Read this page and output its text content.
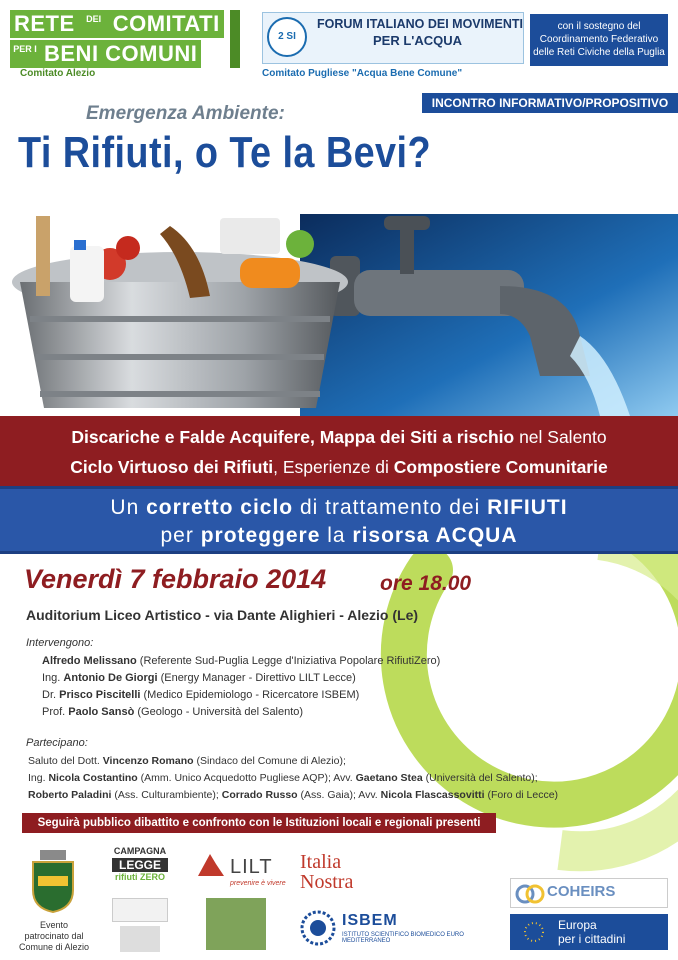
RETE	DEI COMITATI
PER I BENI COMUNI
Comitato Alezio
2 SI
FORUM ITALIANO DEI MOVIMENTI
PER L'ACQUA
Comitato Pugliese "Acqua Bene Comune"
con il sostegno del
Coordinamento Federativo
delle Reti Civiche della Puglia
INCONTRO INFORMATIVO/PROPOSITIVO
Emergenza Ambiente:
Ti Rifiuti, o Te la Bevi?
Discariche e Falde Acquifere, Mappa dei Siti a rischio nel Salento
Ciclo Virtuoso dei Rifiuti, Esperienze di Compostiere Comunitarie
Un corretto ciclo di trattamento dei RIFIUTI
per proteggere la risorsa ACQUA
Venerdì 7 febbraio 2014	ore 18.00
Auditorium Liceo Artistico - via Dante Alighieri - Alezio (Le)
Intervengono:
Alfredo Melissano (Referente Sud-Puglia Legge d'Iniziativa Popolare RifiutiZero)
Ing. Antonio De Giorgi (Energy Manager - Direttivo LILT Lecce)
Dr. Prisco Piscitelli (Medico Epidemiologo - Ricercatore ISBEM)
Prof. Paolo Sansò (Geologo - Università del Salento)
Partecipano:
Saluto del Dott. Vincenzo Romano (Sindaco del Comune di Alezio);
Ing. Nicola Costantino (Amm. Unico Acquedotto Pugliese AQP); Avv. Gaetano Stea (Università del Salento);
Roberto Paladini (Ass. Culturambiente); Corrado Russo (Ass. Gaia); Avv. Nicola Flascassovitti (Foro di Lecce)
Seguirà pubblico dibattito e confronto con le Istituzioni locali e regionali presenti
Evento patrocinato dal Comune di Alezio
CAMPAGNA
LEGGE
rifiuti ZERO	LILT
prevenire è vivere
Italia
Nostra
ISBEM
ISTITUTO SCIENTIFICO BIOMEDICO EURO MEDITERRANEO
COHEIRS
Europa
per i cittadini
